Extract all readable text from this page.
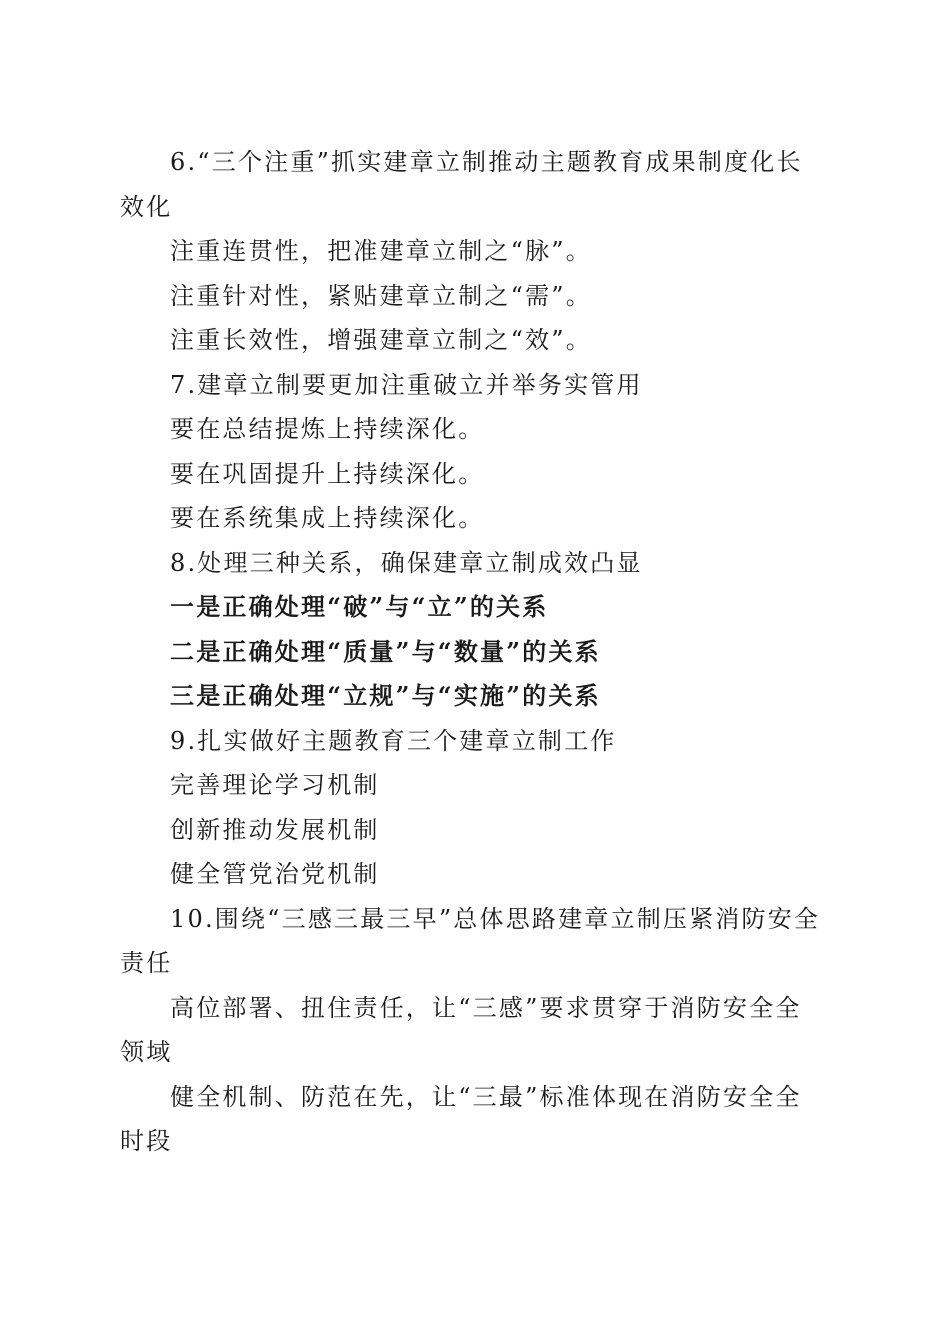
6.“三个注重”抓实建章立制推动主题教育成果制度化长效化

注重连贯性，把准建章立制之“脉”。

注重针对性，紧贴建章立制之“需”。

注重长效性，增强建章立制之“效”。

7.建章立制要更加注重破立并举务实管用

要在总结提炼上持续深化。

要在巩固提升上持续深化。

要在系统集成上持续深化。

8.处理三种关系，确保建章立制成效凸显

一是正确处理“破”与“立”的关系

二是正确处理“质量”与“数量”的关系

三是正确处理“立规”与“实施”的关系

9.扎实做好主题教育三个建章立制工作

完善理论学习机制

创新推动发展机制

健全管党治党机制

10.围绕“三感三最三早”总体思路建章立制压紧消防安全责任

高位部署、扭住责任，让“三感”要求贯穿于消防安全全领域

健全机制、防范在先，让“三最”标准体现在消防安全全时段
